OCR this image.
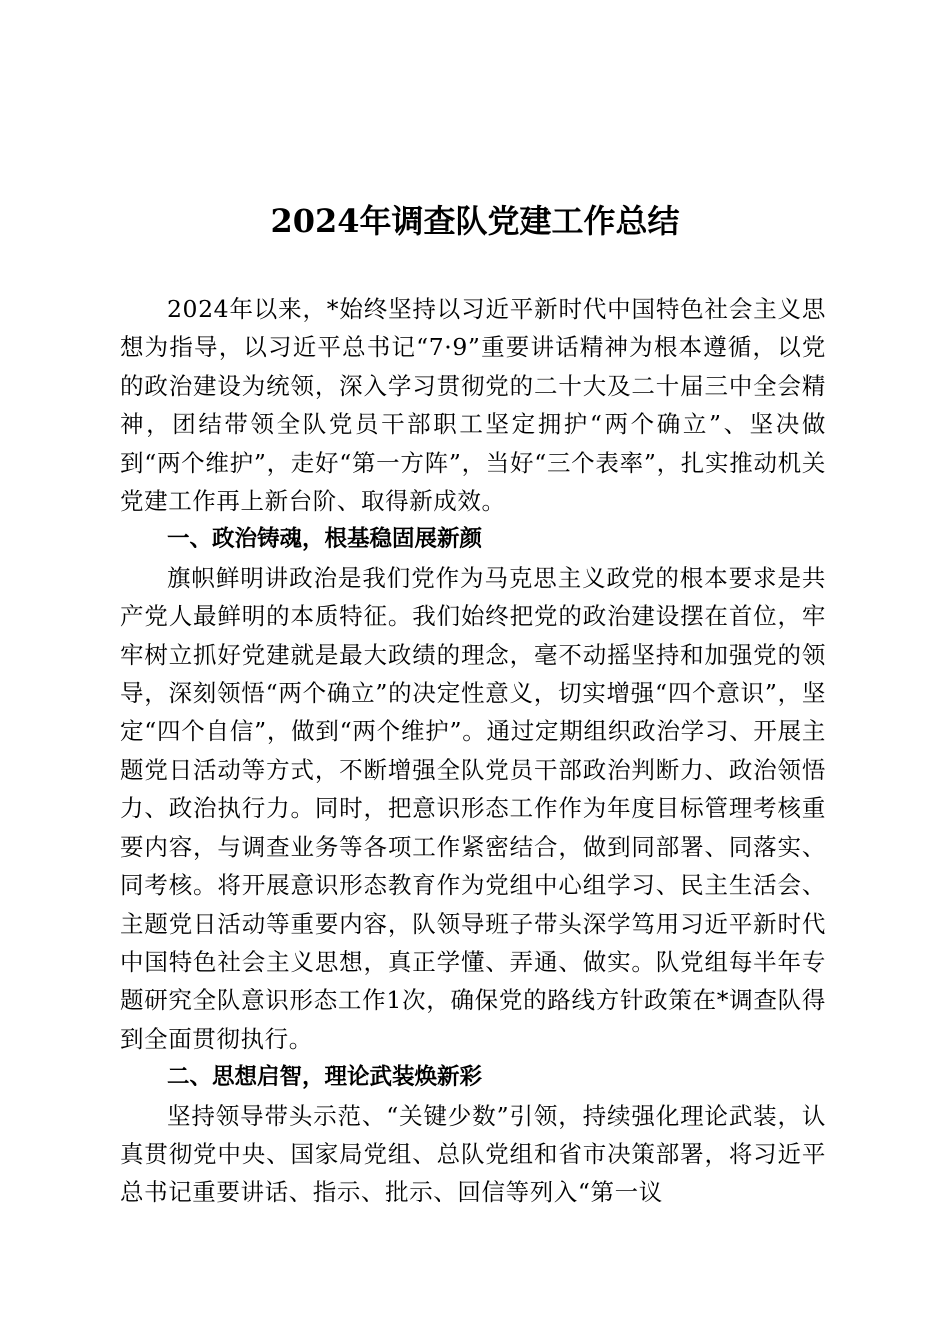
2024年调查队党建工作总结

2024年以来，*始终坚持以习近平新时代中国特色社会主义思想为指导，以习近平总书记“7·9”重要讲话精神为根本遵循，以党的政治建设为统领，深入学习贯彻党的二十大及二十届三中全会精神，团结带领全队党员干部职工坚定拥护“两个确立”、坚决做到“两个维护”，走好“第一方阵”，当好“三个表率”，扎实推动机关党建工作再上新台阶、取得新成效。

一、政治铸魂，根基稳固展新颜

旗帜鲜明讲政治是我们党作为马克思主义政党的根本要求是共产党人最鲜明的本质特征。我们始终把党的政治建设摆在首位，牢牢树立抓好党建就是最大政绩的理念，毫不动摇坚持和加强党的领导，深刻领悟“两个确立”的决定性意义，切实增强“四个意识”，坚定“四个自信”，做到“两个维护”。通过定期组织政治学习、开展主题党日活动等方式，不断增强全队党员干部政治判断力、政治领悟力、政治执行力。同时，把意识形态工作作为年度目标管理考核重要内容，与调查业务等各项工作紧密结合，做到同部署、同落实、同考核。将开展意识形态教育作为党组中心组学习、民主生活会、主题党日活动等重要内容，队领导班子带头深学笃用习近平新时代中国特色社会主义思想，真正学懂、弄通、做实。队党组每半年专题研究全队意识形态工作1次，确保党的路线方针政策在*调查队得到全面贯彻执行。

二、思想启智，理论武装焕新彩

坚持领导带头示范、“关键少数”引领，持续强化理论武装，认真贯彻党中央、国家局党组、总队党组和省市决策部署，将习近平总书记重要讲话、指示、批示、回信等列入“第一议
